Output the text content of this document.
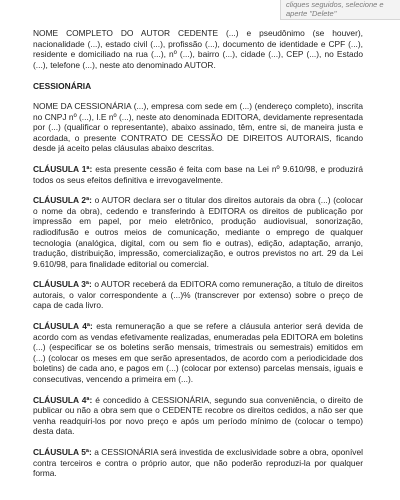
cliques seguidos, selecione e
aperte "Delete"

NOME COMPLETO DO AUTOR CEDENTE (...) e pseudônimo (se houver), nacionalidade (...), estado civil (...), profissão (...), documento de identidade e CPF (...), residente e domiciliado na rua (...), nº (...), bairro (...), cidade (...), CEP (...), no Estado (...), telefone (...), neste ato denominado AUTOR.

CESSIONÁRIA

NOME DA CESSIONÁRIA (...), empresa com sede em (...) (endereço completo), inscrita no CNPJ nº (...), I.E nº (...), neste ato denominada EDITORA, devidamente representada por (...) (qualificar o representante), abaixo assinado, têm, entre si, de maneira justa e acordada, o presente CONTRATO DE CESSÃO DE DIREITOS AUTORAIS, ficando desde já aceito pelas cláusulas abaixo descritas.

CLÁUSULA 1ª: esta presente cessão é feita com base na Lei nº 9.610/98, e produzirá todos os seus efeitos definitiva e irrevogavelmente.

CLÁUSULA 2ª: o AUTOR declara ser o titular dos direitos autorais da obra (...) (colocar o nome da obra), cedendo e transferindo à EDITORA os direitos de publicação por impressão em papel, por meio eletrônico, produção audiovisual, sonorização, radiodifusão e outros meios de comunicação, mediante o emprego de qualquer tecnologia (analógica, digital, com ou sem fio e outras), edição, adaptação, arranjo, tradução, distribuição, impressão, comercialização, e outros previstos no art. 29 da Lei 9.610/98, para finalidade editorial ou comercial.

CLÁUSULA 3ª: o AUTOR receberá da EDITORA como remuneração, a título de direitos autorais, o valor correspondente a (...)% (transcrever por extenso) sobre o preço de capa de cada livro.

CLÁUSULA 4ª: esta remuneração a que se refere a cláusula anterior será devida de acordo com as vendas efetivamente realizadas, enumeradas pela EDITORA em boletins (...) (especificar se os boletins serão mensais, trimestrais ou semestrais) emitidos em (...) (colocar os meses em que serão apresentados, de acordo com a periodicidade dos boletins) de cada ano, e pagos em (...) (colocar por extenso) parcelas mensais, iguais e consecutivas, vencendo a primeira em (...).

CLÁUSULA 4ª: é concedido à CESSIONÁRIA, segundo sua conveniência, o direito de publicar ou não a obra sem que o CEDENTE recobre os direitos cedidos, a não ser que venha readquiri-los por novo preço e após um período mínimo de (colocar o tempo) desta data.

CLÁUSULA 5ª: a CESSIONÁRIA será investida de exclusividade sobre a obra, oponível contra terceiros e contra o próprio autor, que não poderão reproduzi-la por qualquer forma.
